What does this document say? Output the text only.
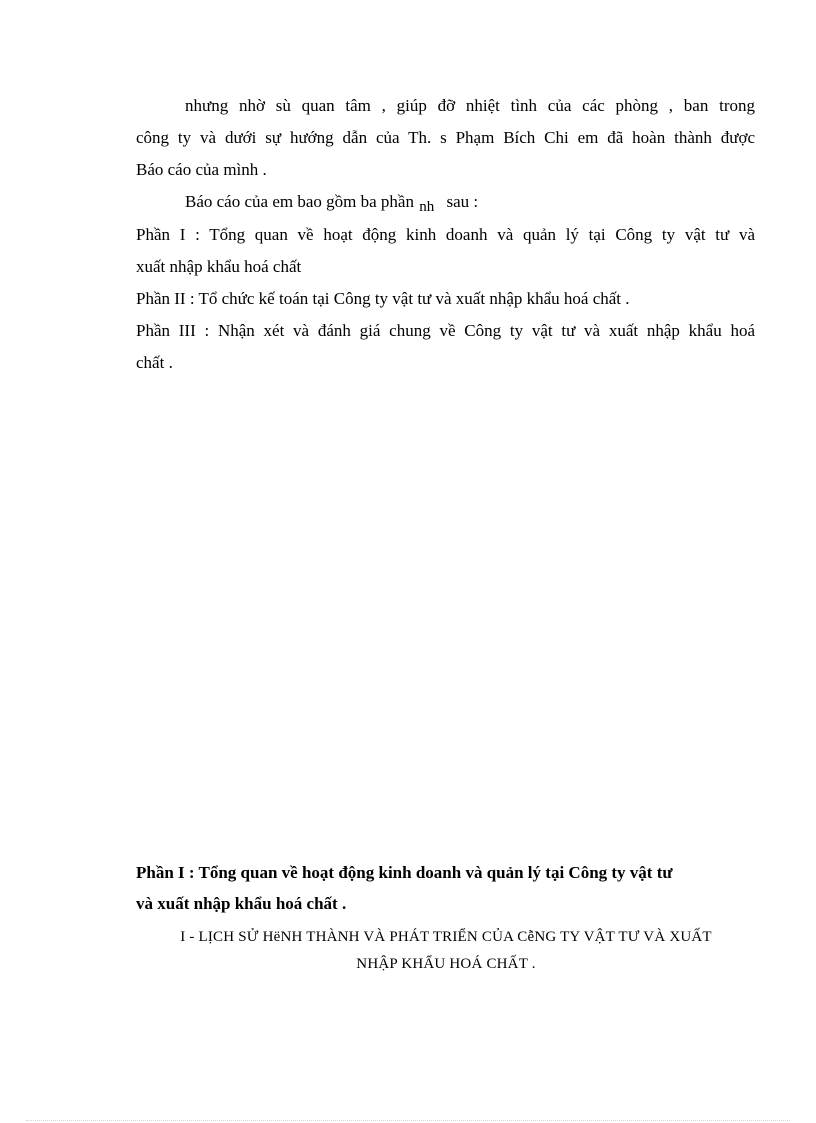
nhưng nhờ sù quan tâm , giúp đỡ nhiệt tình của các phòng , ban trong
công ty và dưới sự hướng dẫn của Th. s Phạm Bích Chi em đã hoàn thành được
Báo cáo của mình .
Báo cáo của em bao gồm ba phần nh sau :
Phần I : Tổng quan về hoạt động kinh doanh và quản lý tại Công ty vật tư và
xuất nhập khẩu hoá chất
Phần II : Tổ chức kế toán tại Công ty vật tư và xuất nhập khẩu hoá chất .
Phần III : Nhận xét và đánh giá chung về Công ty vật tư và xuất nhập khẩu hoá
chất .
Phần I : Tổng quan về hoạt động kinh doanh và quản lý tại Công ty vật tư
và xuất nhập khẩu hoá chất .
I - LỊCH SỬ HëNH THÀNH VÀ PHÁT TRIỂN CỦA CễNG TY VẬT TƯ VÀ XUẤT
NHẬP KHẨU HOÁ CHẤT .
